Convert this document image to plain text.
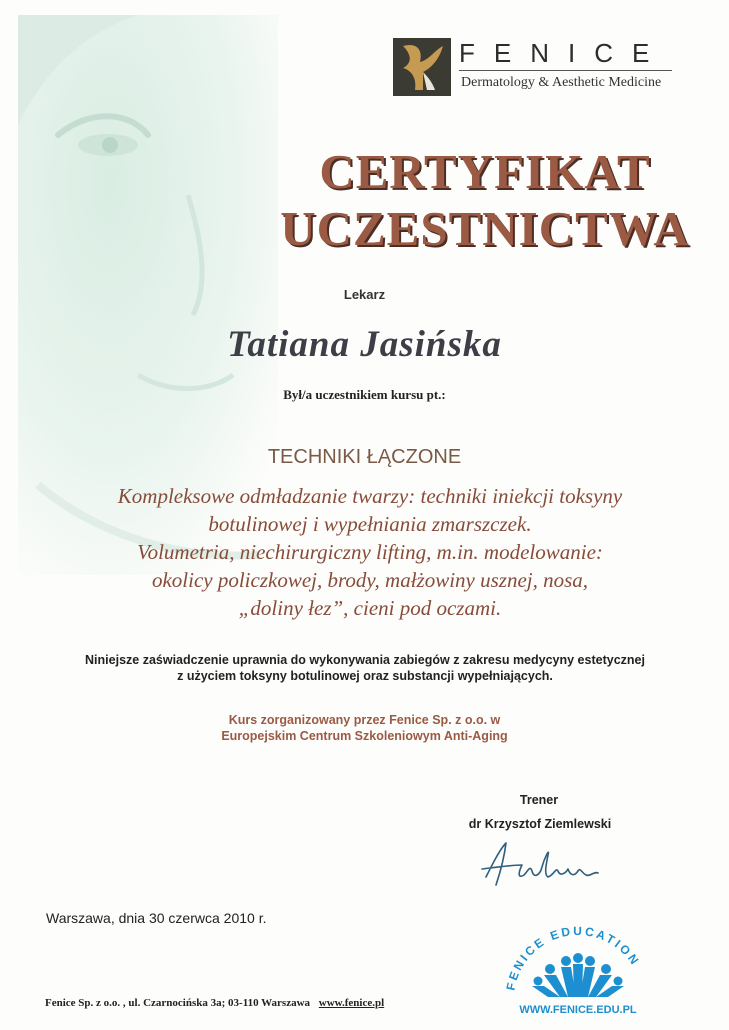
FENICE
Dermatology & Aesthetic Medicine
CERTYFIKAT
UCZESTNICTWA
Lekarz
Tatiana Jasińska
Był/a uczestnikiem kursu pt.:
TECHNIKI ŁĄCZONE
Kompleksowe odmładzanie twarzy: techniki iniekcji toksyny
botulinowej i wypełniania zmarszczek.
Volumetria, niechirurgiczny lifting, m.in. modelowanie:
okolicy policzkowej, brody, małżowiny usznej, nosa,
„doliny łez”, cieni pod oczami.
Niniejsze zaświadczenie uprawnia do wykonywania zabiegów z zakresu medycyny estetycznej
z użyciem toksyny botulinowej oraz substancji wypełniających.
Kurs zorganizowany przez Fenice Sp. z o.o. w
Europejskim Centrum Szkoleniowym Anti-Aging
Trener
dr Krzysztof Ziemlewski
Warszawa, dnia 30 czerwca 2010 r.
Fenice Sp. z o.o. , ul. Czarnocińska 3a; 03-110 Warszawa www.fenice.pl
FENICE EDUCATION
WWW.FENICE.EDU.PL
